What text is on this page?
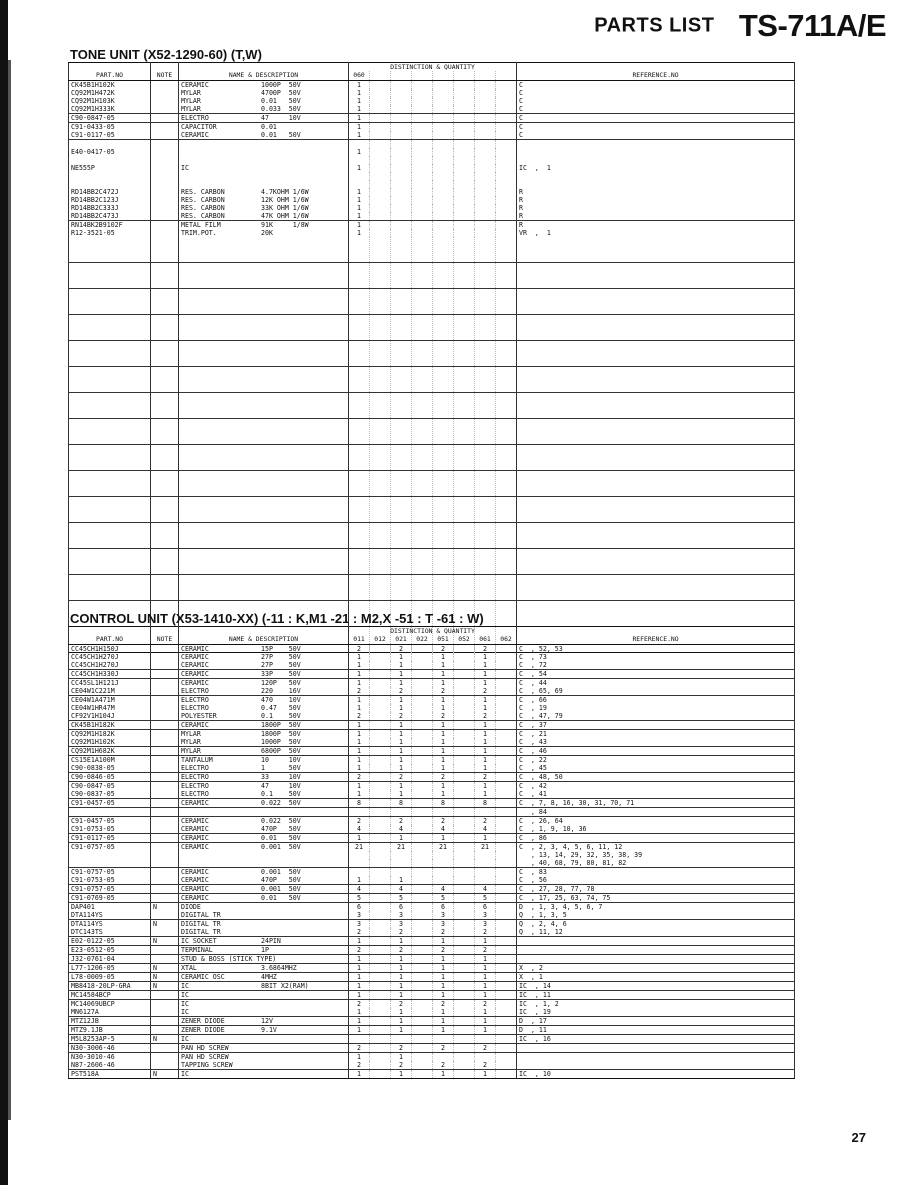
PARTS LIST TS-711A/E
TONE UNIT (X52-1290-60) (T,W)
			DISTINCTION & QUANTITY								
PART.NO	NOTE	NAME & DESCRIPTION	060								REFERENCE.NO
CK45B1H102K		CERAMIC 1000P  50V	1								C
CQ92M1H472K		MYLAR 4700P  50V	1								C
CQ92M1H103K		MYLAR 0.01   50V	1								C
CQ92M1H333K		MYLAR 0.033  50V	1								C
C90-0847-05		ELECTRO 47     10V	1								C
C91-0433-05		CAPACITOR 0.01	1								C
C91-0117-05		CERAMIC 0.01   50V	1								C

E40-0417-05			1								

NE555P		IC	1								IC  ,  1

RD14BB2C472J		RES. CARBON 4.7KOHM 1/6W	1								R
RD14BB2C123J		RES. CARBON 12K OHM 1/6W	1								R
RD14BB2C333J		RES. CARBON 33K OHM 1/6W	1								R
RD14BB2C473J		RES. CARBON 47K OHM 1/6W	1								R
RN14BK2B9102F		METAL FILM 91K     1/8W	1								R
R12-3521-05		TRIM.POT. 20K	1								VR  ,  1

CONTROL UNIT (X53-1410-XX) (-11 : K,M1 -21 : M2,X -51 : T -61 : W)
			DISTINCTION & QUANTITY								
PART.NO	NOTE	NAME & DESCRIPTION	011	012	021	022	051	052	061	062	REFERENCE.NO
CC45CH1H150J		CERAMIC 15P    50V	2		2		2		2		C  , 52, 53
CC45CH1H270J		CERAMIC 27P    50V	1		1		1		1		C  , 73
CC45CH1H270J		CERAMIC 27P    50V	1		1		1		1		C  , 72
CC45CH1H330J		CERAMIC 33P    50V	1		1		1		1		C  , 54
CC45SL1H121J		CERAMIC 120P   50V	1		1		1		1		C  , 44
CE04W1C221M		ELECTRO 220    16V	2		2		2		2		C  , 65, 69
CE04W1A471M		ELECTRO 470    10V	1		1		1		1		C  , 66
CE04W1HR47M		ELECTRO 0.47   50V	1		1		1		1		C  , 19
CF92V1H104J		POLYESTER 0.1    50V	2		2		2		2		C  , 47, 79
CK45B1H182K		CERAMIC 1800P  50V	1		1		1		1		C  , 37
CQ92M1H182K		MYLAR 1800P  50V	1		1		1		1		C  , 21
CQ92M1H102K		MYLAR 1000P  50V	1		1		1		1		C  , 43
CQ92M1H682K		MYLAR 6800P  50V	1		1		1		1		C  , 46
CS15E1A100M		TANTALUM 10     10V	1		1		1		1		C  , 22
C90-0838-05		ELECTRO 1      50V	1		1		1		1		C  , 45
C90-0846-05		ELECTRO 33     10V	2		2		2		2		C  , 48, 50
C90-0847-05		ELECTRO 47     10V	1		1		1		1		C  , 42
C90-0837-05		ELECTRO 0.1    50V	1		1		1		1		C  , 41
C91-0457-05		CERAMIC 0.022  50V	8		8		8		8		C  , 7, 8, 16, 30, 31, 70, 71
											, 84
C91-0457-05		CERAMIC 0.022  50V	2		2		2		2		C  , 26, 64
C91-0753-05		CERAMIC 470P   50V	4		4		4		4		C  , 1, 9, 10, 36
C91-0117-05		CERAMIC 0.01   50V	1		1		1		1		C  , 86
C91-0757-05		CERAMIC 0.001  50V	21		21		21		21		C  , 2, 3, 4, 5, 6, 11, 12
											, 13, 14, 29, 32, 35, 38, 39
											, 40, 68, 79, 80, 81, 82
C91-0757-05		CERAMIC 0.001  50V									C  , 83
C91-0753-05		CERAMIC 470P   50V	1		1						C  , 56
C91-0757-05		CERAMIC 0.001  50V	4		4		4		4		C  , 27, 28, 77, 78
C91-0769-05		CERAMIC 0.01   50V	5		5		5		5		C  , 17, 25, 63, 74, 75
DAP401	N	DIODE	6		6		6		6		D  , 1, 3, 4, 5, 6, 7
DTA114YS		DIGITAL TR	3		3		3		3		Q  , 1, 3, 5
DTA114YS	N	DIGITAL TR	3		3		3		3		Q  , 2, 4, 6
DTC143TS		DIGITAL TR	2		2		2		2		Q  , 11, 12
E02-0122-05	N	IC SOCKET 24PIN	1		1		1		1		
E23-0512-05		TERMINAL 1P	2		2		2		2		
J32-0761-04		STUD & BOSS (STICK TYPE)	1		1		1		1		
L77-1206-05	N	XTAL 3.6864MHZ	1		1		1		1		X  , 2
L78-0009-05	N	CERAMIC OSC 4MHZ	1		1		1		1		X  , 1
MB8418-20LP-GRA	N	IC 8BIT X2(RAM)	1		1		1		1		IC  , 14
MC14584BCP		IC	1		1		1		1		IC  , 11
MC14069UBCP		IC	2		2		2		2		IC  , 1, 2
MN6127A		IC	1		1		1		1		IC  , 19
MTZ12JB		ZENER DIODE 12V	1		1		1		1		D  , 17
MTZ9.1JB		ZENER DIODE 9.1V	1		1		1		1		D  , 11
M5L8253AP-5	N	IC									IC  , 16
N30-3006-46		PAN HD SCREW	2		2		2		2		
N30-3010-46		PAN HD SCREW	1		1						
N87-2606-46		TAPPING SCREW	2		2		2		2		
PST518A	N	IC	1		1		1		1		IC  , 10
27
